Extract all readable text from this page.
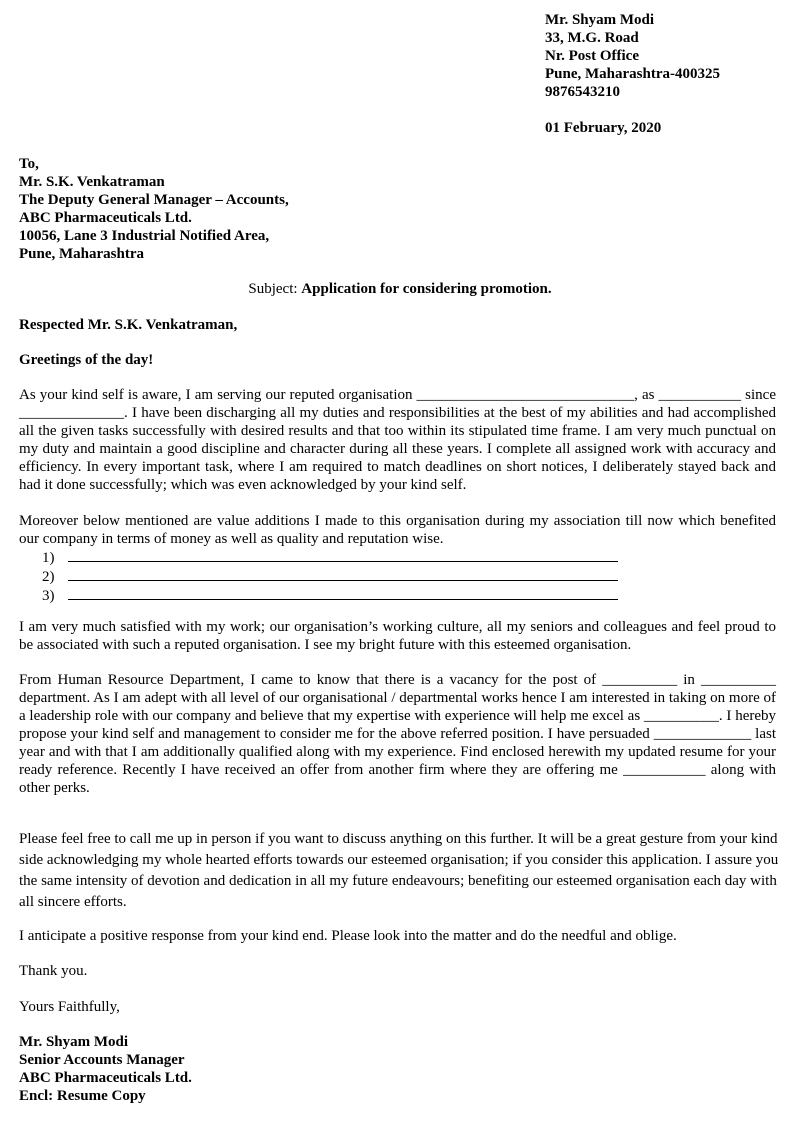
Mr. Shyam Modi
33, M.G. Road
Nr. Post Office
Pune, Maharashtra-400325
9876543210
01 February, 2020
To,
Mr. S.K. Venkatraman
The Deputy General Manager – Accounts,
ABC Pharmaceuticals Ltd.
10056, Lane 3 Industrial Notified Area,
Pune, Maharashtra
Subject: Application for considering promotion.
Respected Mr. S.K. Venkatraman,
Greetings of the day!
As your kind self is aware, I am serving our reputed organisation _____________________________, as ___________ since ______________. I have been discharging all my duties and responsibilities at the best of my abilities and had accomplished all the given tasks successfully with desired results and that too within its stipulated time frame. I am very much punctual on my duty and maintain a good discipline and character during all these years. I complete all assigned work with accuracy and efficiency. In every important task, where I am required to match deadlines on short notices, I deliberately stayed back and had it done successfully; which was even acknowledged by your kind self.
Moreover below mentioned are value additions I made to this organisation during my association till now which benefited our company in terms of money as well as quality and reputation wise.
1)
2)
3)
I am very much satisfied with my work; our organisation’s working culture, all my seniors and colleagues and feel proud to be associated with such a reputed organisation. I see my bright future with this esteemed organisation.
From Human Resource Department, I came to know that there is a vacancy for the post of __________ in __________ department. As I am adept with all level of our organisational / departmental works hence I am interested in taking on more of a leadership role with our company and believe that my expertise with experience will help me excel as __________. I hereby propose your kind self and management to consider me for the above referred position. I have persuaded _____________ last year and with that I am additionally qualified along with my experience. Find enclosed herewith my updated resume for your ready reference. Recently I have received an offer from another firm where they are offering me ___________ along with other perks.
Please feel free to call me up in person if you want to discuss anything on this further. It will be a great gesture from your kind side acknowledging my whole hearted efforts towards our esteemed organisation; if you consider this application. I assure you the same intensity of devotion and dedication in all my future endeavours; benefiting our esteemed organisation each day with all sincere efforts.
I anticipate a positive response from your kind end. Please look into the matter and do the needful and oblige.
Thank you.
Yours Faithfully,
Mr. Shyam Modi
Senior Accounts Manager
ABC Pharmaceuticals Ltd.
Encl: Resume Copy
